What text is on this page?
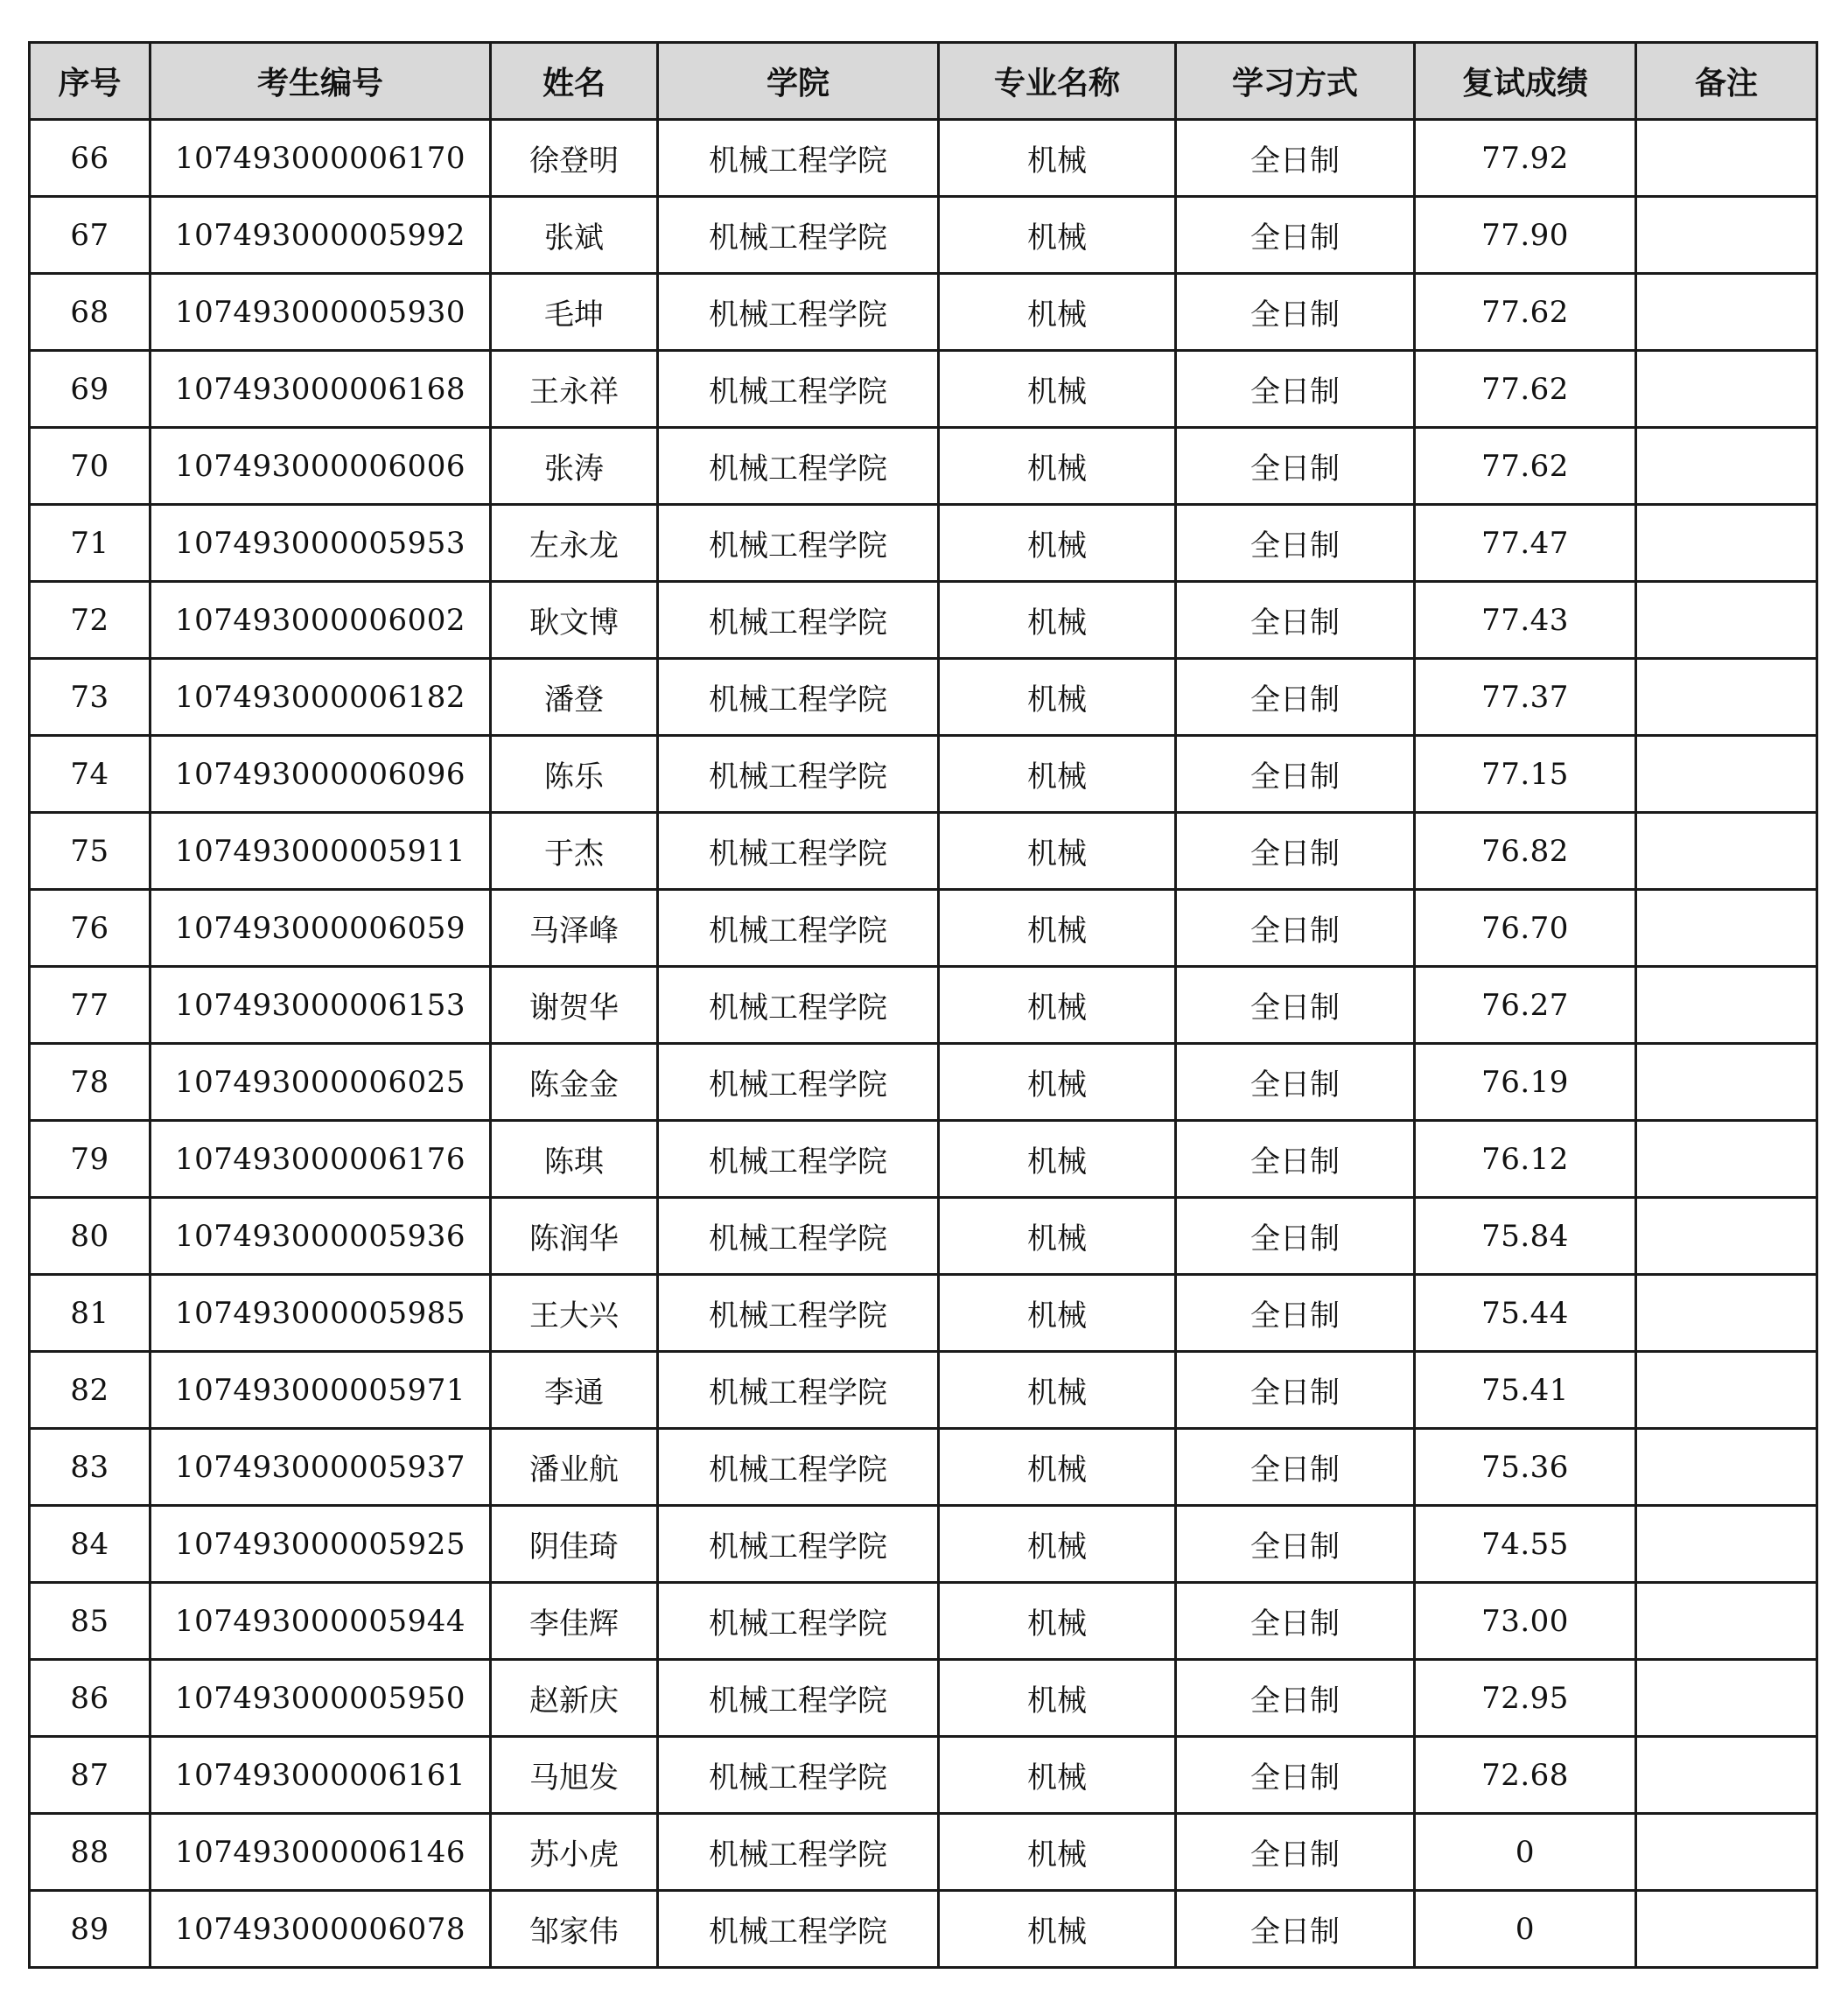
序号	考生编号	姓名	学院	专业名称	学习方式	复试成绩	备注
66	107493000006170	徐登明	机械工程学院	机械	全日制	77.92	
67	107493000005992	张斌	机械工程学院	机械	全日制	77.90	
68	107493000005930	毛坤	机械工程学院	机械	全日制	77.62	
69	107493000006168	王永祥	机械工程学院	机械	全日制	77.62	
70	107493000006006	张涛	机械工程学院	机械	全日制	77.62	
71	107493000005953	左永龙	机械工程学院	机械	全日制	77.47	
72	107493000006002	耿文博	机械工程学院	机械	全日制	77.43	
73	107493000006182	潘登	机械工程学院	机械	全日制	77.37	
74	107493000006096	陈乐	机械工程学院	机械	全日制	77.15	
75	107493000005911	于杰	机械工程学院	机械	全日制	76.82	
76	107493000006059	马泽峰	机械工程学院	机械	全日制	76.70	
77	107493000006153	谢贺华	机械工程学院	机械	全日制	76.27	
78	107493000006025	陈金金	机械工程学院	机械	全日制	76.19	
79	107493000006176	陈琪	机械工程学院	机械	全日制	76.12	
80	107493000005936	陈润华	机械工程学院	机械	全日制	75.84	
81	107493000005985	王大兴	机械工程学院	机械	全日制	75.44	
82	107493000005971	李通	机械工程学院	机械	全日制	75.41	
83	107493000005937	潘业航	机械工程学院	机械	全日制	75.36	
84	107493000005925	阴佳琦	机械工程学院	机械	全日制	74.55	
85	107493000005944	李佳辉	机械工程学院	机械	全日制	73.00	
86	107493000005950	赵新庆	机械工程学院	机械	全日制	72.95	
87	107493000006161	马旭发	机械工程学院	机械	全日制	72.68	
88	107493000006146	苏小虎	机械工程学院	机械	全日制	0	
89	107493000006078	邹家伟	机械工程学院	机械	全日制	0	
